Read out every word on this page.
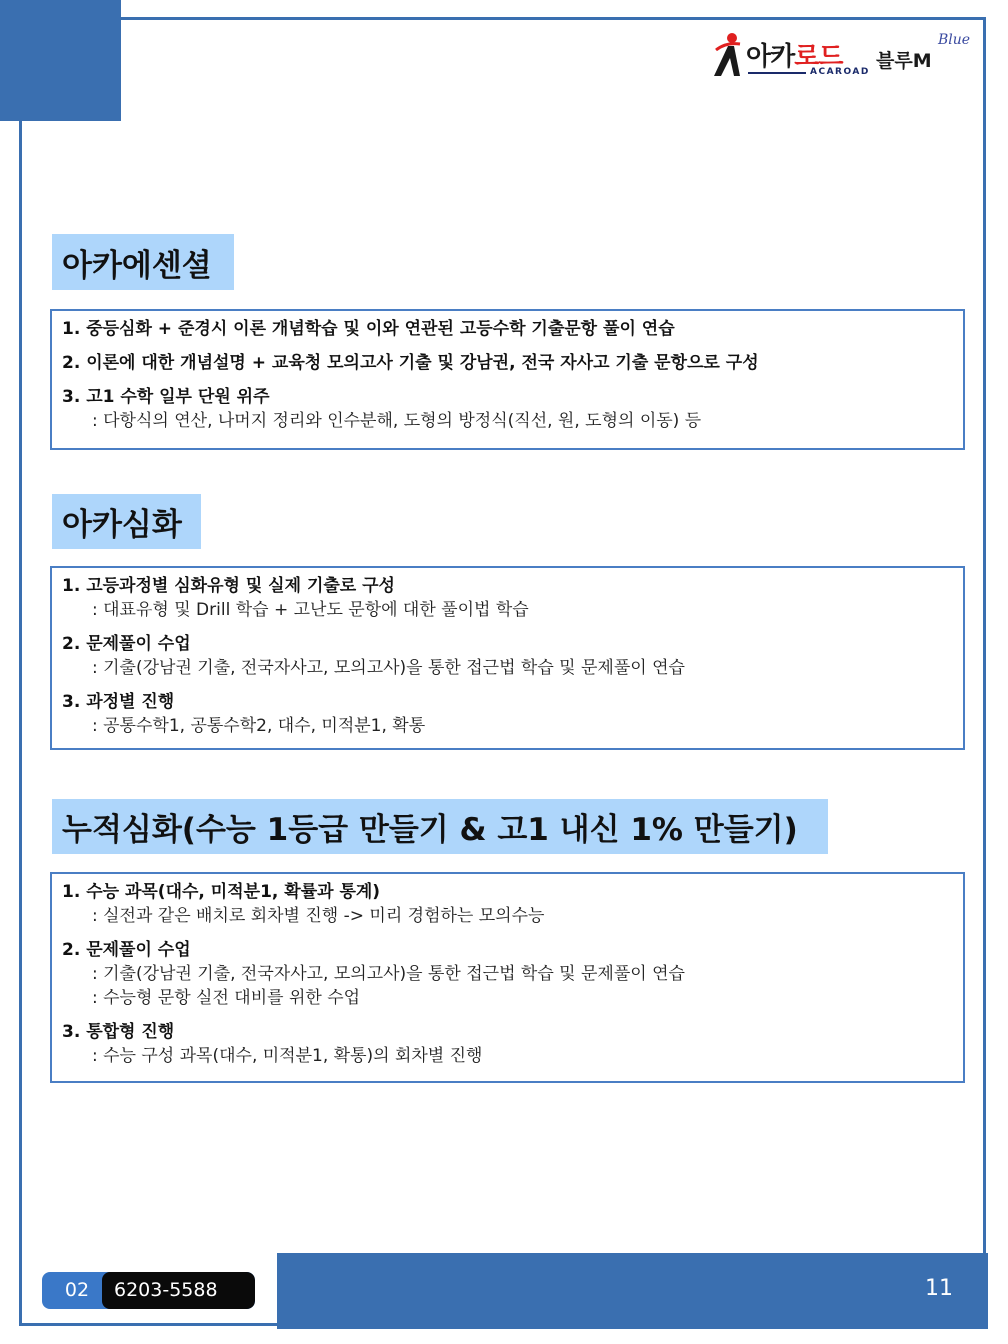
아카로드
ACAROAD 블루M
Blue
아카에센셜
1. 중등심화 + 준경시 이론 개념학습 및 이와 연관된 고등수학 기출문항 풀이 연습
2. 이론에 대한 개념설명 + 교육청 모의고사 기출 및 강남권, 전국 자사고 기출 문항으로 구성
3. 고1 수학 일부 단원 위주
: 다항식의 연산, 나머지 정리와 인수분해, 도형의 방정식(직선, 원, 도형의 이동) 등
아카심화
1. 고등과정별 심화유형 및 실제 기출로 구성
: 대표유형 및 Drill 학습 + 고난도 문항에 대한 풀이법 학습
2. 문제풀이 수업
: 기출(강남권 기출, 전국자사고, 모의고사)을 통한 접근법 학습 및 문제풀이 연습
3. 과정별 진행
: 공통수학1, 공통수학2, 대수, 미적분1, 확통
누적심화(수능 1등급 만들기 & 고1 내신 1% 만들기)
1. 수능 과목(대수, 미적분1, 확률과 통계)
: 실전과 같은 배치로 회차별 진행 -> 미리 경험하는 모의수능
2. 문제풀이 수업
: 기출(강남권 기출, 전국자사고, 모의고사)을 통한 접근법 학습 및 문제풀이 연습
: 수능형 문항 실전 대비를 위한 수업
3. 통합형 진행
: 수능 구성 과목(대수, 미적분1, 확통)의 회차별 진행
11
02	6203-5588
